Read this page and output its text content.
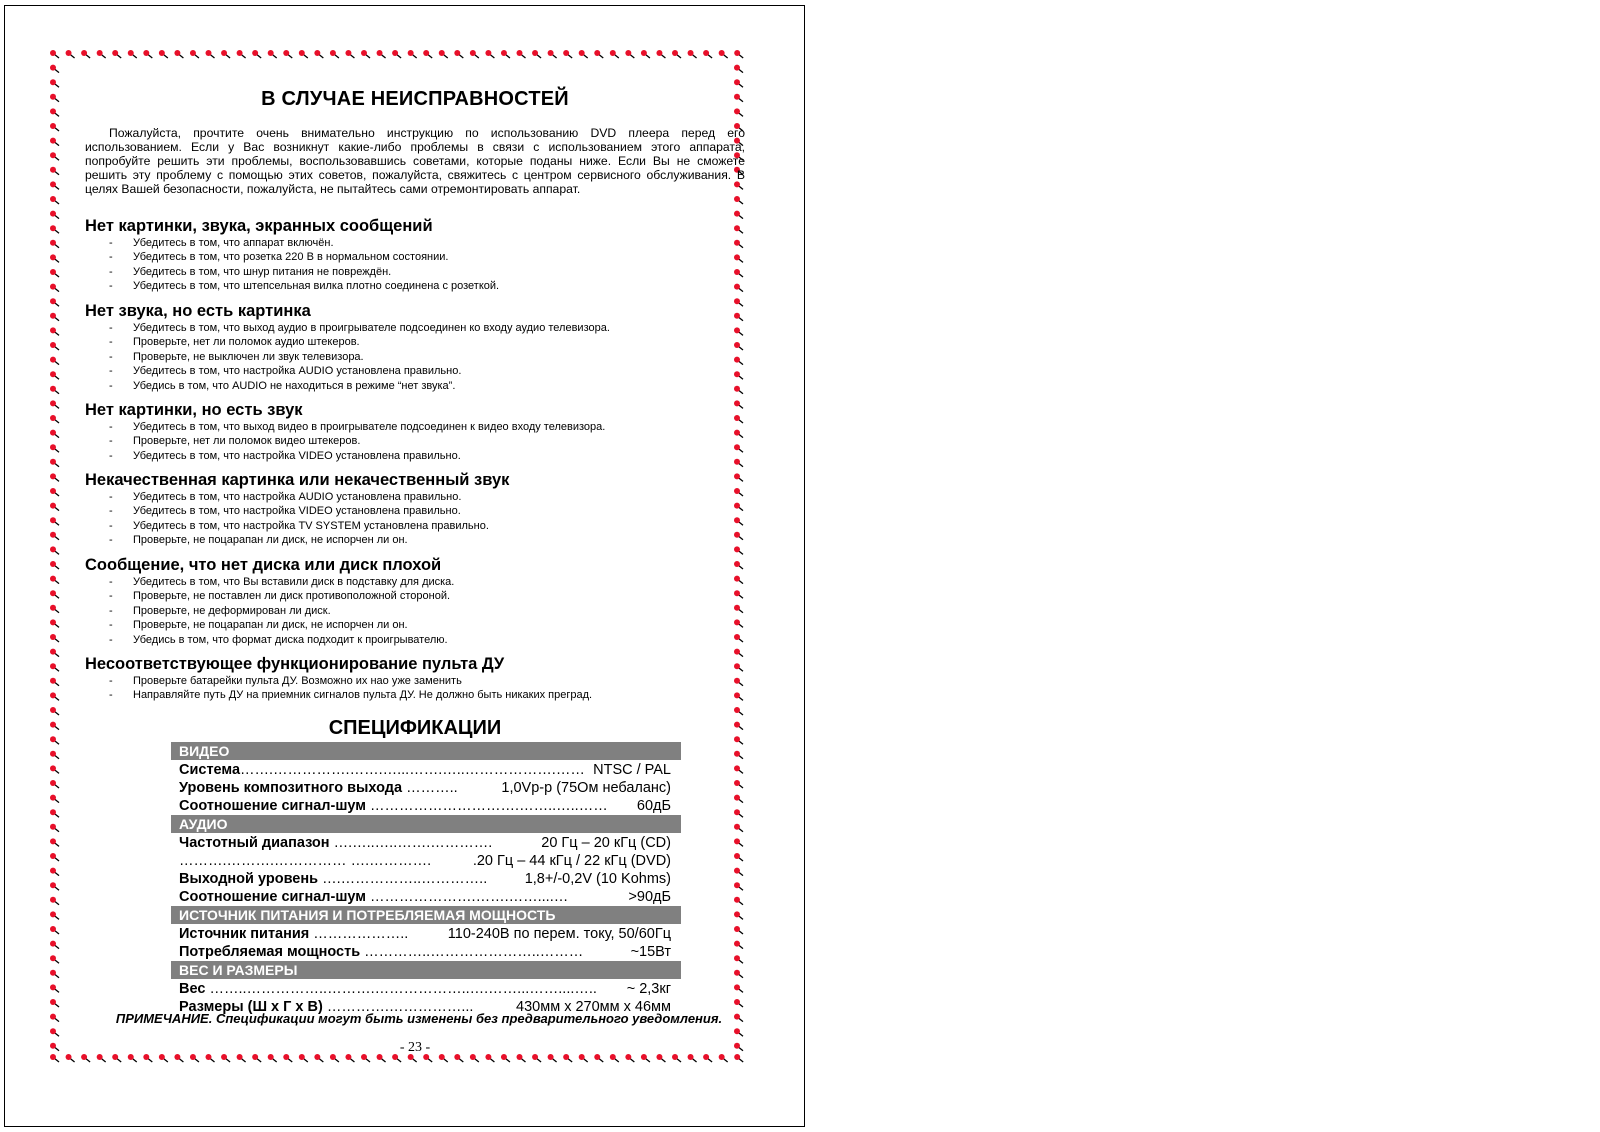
В СЛУЧАЕ НЕИСПРАВНОСТЕЙ
Пожалуйста, прочтите очень внимательно инструкцию по использованию DVD плеера перед его использованием. Если у Вас возникнут какие-либо проблемы в связи с использованием этого аппарата, попробуйте решить эти проблемы, воспользовавшись советами, которые поданы ниже. Если Вы не сможете решить эту проблему с помощью этих советов, пожалуйста, свяжитесь с центром сервисного обслуживания. В целях Вашей безопасности, пожалуйста, не пытайтесь сами отремонтировать аппарат.
Нет картинки, звука, экранных сообщений
- Убедитесь в том, что аппарат включён.
- Убедитесь в том, что розетка 220 В в нормальном состоянии.
- Убедитесь в том, что шнур питания не повреждён.
- Убедитесь в том, что штепсельная вилка плотно соединена с розеткой.
Нет звука, но есть картинка
- Убедитесь в том, что выход аудио в проигрывателе подсоединен ко входу аудио телевизора.
- Проверьте, нет ли поломок аудио штекеров.
- Проверьте, не выключен ли звук телевизора.
- Убедитесь в том, что настройка AUDIO установлена правильно.
- Убедись в том, что AUDIO не находиться в режиме “нет звука”.
Нет картинки, но есть звук
- Убедитесь в том, что выход видео в проигрывателе подсоединен к видео входу телевизора.
- Проверьте, нет ли поломок видео штекеров.
- Убедитесь в том, что настройка VIDEO установлена правильно.
Некачественная картинка или некачественный звук
- Убедитесь в том, что настройка AUDIO установлена правильно.
- Убедитесь в том, что настройка VIDEO установлена правильно.
- Убедитесь в том, что настройка TV SYSTEM установлена правильно.
- Проверьте, не поцарапан ли диск, не испорчен ли он.
Сообщение, что нет диска или диск плохой
- Убедитесь в том, что Вы вставили диск в подставку для диска.
- Проверьте, не поставлен ли диск противоположной стороной.
- Проверьте, не деформирован ли диск.
- Проверьте, не поцарапан ли диск, не испорчен ли он.
- Убедись в том, что формат диска подходит к проигрывателю.
Несоответствующее функционирование пульта ДУ
- Проверьте батарейки пульта ДУ. Возможно их нао уже заменить
- Направляйте путь ДУ на приемник сигналов пульта ДУ. Не должно быть никаких преград.
СПЕЦИФИКАЦИИ
ВИДЕО
NTSC / PAL
Система…….…………….…….…...…….…..……………….……
1,0Vp-p (75Ом небаланс)
Уровень композитного выхода ………..
60дБ
Соотношение сигнал-шум ………………………….……..…..……
АУДИО
20 Гц – 20 кГц (CD)
Частотный диапазон ….…..…..…….………….
.20 Гц – 44 кГц / 22 кГц (DVD)
……….……….…………… ….………….
1,8+/-0,2V (10 Kohms)
Выходной уровень ….……………..…………..
>90дБ
Соотношение сигнал-шум ………………….…….……....…
ИСТОЧНИК ПИТАНИЯ И ПОТРЕБЛЯЕМАЯ МОЩНОСТЬ
110-240В по перем. току, 50/60Гц
Источник питания ………………..
~15Вт
Потребляемая мощность …………..…………………..………
ВЕС И РАЗМЕРЫ
~ 2,3кг
Вес ……..……………..……….………………..….……...……....…..
430мм x 270мм x 46мм
Размеры (Ш х Г х В) ………….……………...
ПРИМЕЧАНИЕ. Спецификации могут быть изменены без предварительного уведомления.
- 23 -
